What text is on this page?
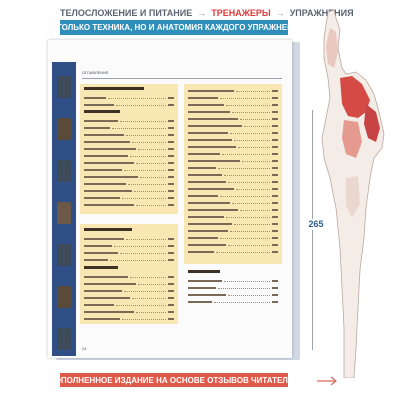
ТЕЛОСЛОЖЕНИЕ И ПИТАНИЕ → ТРЕНАЖЕРЫ → УПРАЖНЕНИЯ
НЕ ТОЛЬКО ТЕХНИКА, НО И АНАТОМИЯ КАЖДОГО УПРАЖНЕНИЯ
ОГЛАВЛЕНИЕ
24
265
ДОПОЛНЕННОЕ ИЗДАНИЕ НА ОСНОВЕ ОТЗЫВОВ ЧИТАТЕЛЕЙ
